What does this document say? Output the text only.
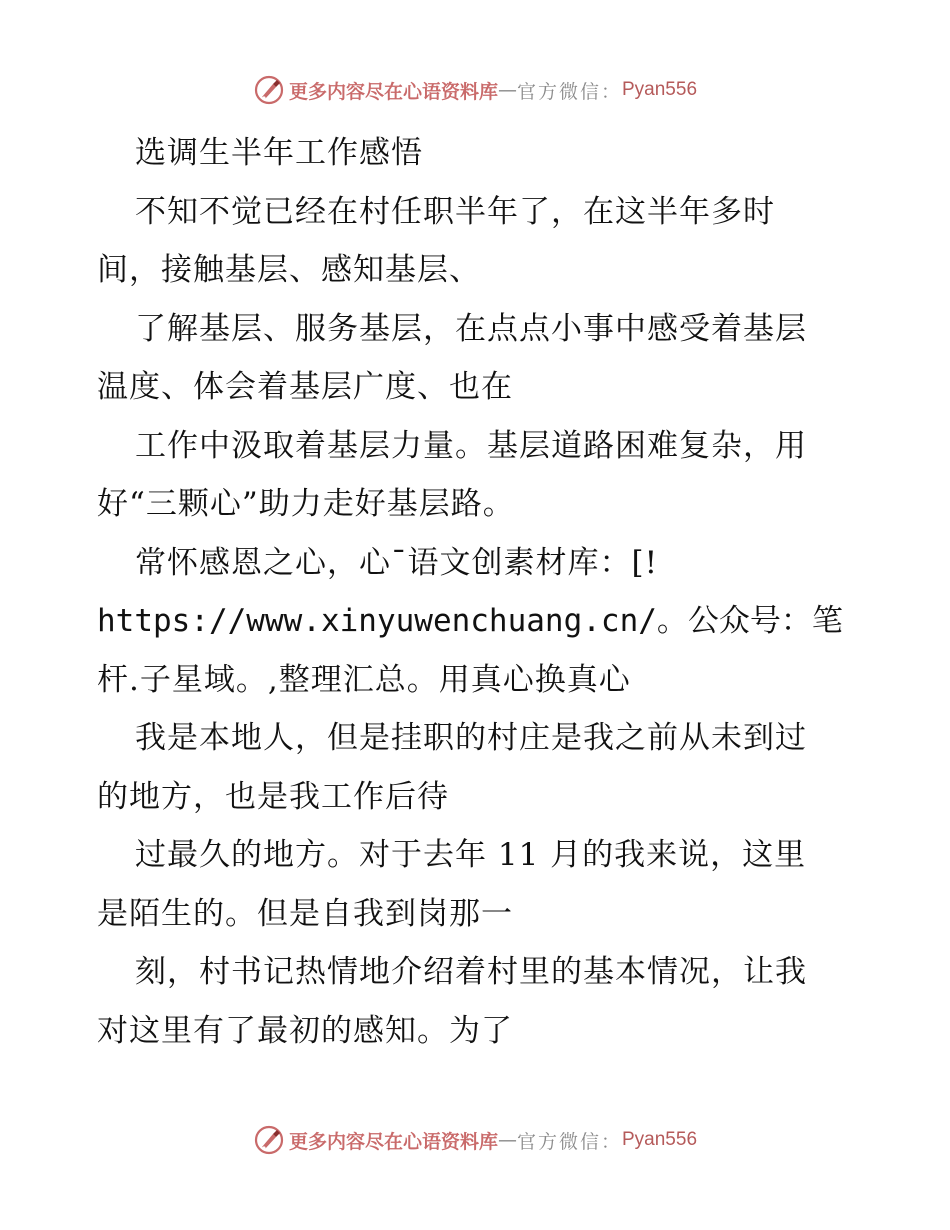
更多内容尽在心语资料库 — 官方微信： Pyan556
选调生半年工作感悟
不知不觉已经在村任职半年了，在这半年多时
间，接触基层、感知基层、
了解基层、服务基层，在点点小事中感受着基层
温度、体会着基层广度、也在
工作中汲取着基层力量。基层道路困难复杂，用
好“三颗心”助力走好基层路。
常怀感恩之心，心¯语文创素材库：[!
https://www.xinyuwenchuang.cn/。公众号：笔
杆.子星域。,整理汇总。用真心换真心
我是本地人，但是挂职的村庄是我之前从未到过
的地方，也是我工作后待
过最久的地方。对于去年 11 月的我来说，这里
是陌生的。但是自我到岗那一
刻，村书记热情地介绍着村里的基本情况，让我
对这里有了最初的感知。为了
更多内容尽在心语资料库 — 官方微信： Pyan556
